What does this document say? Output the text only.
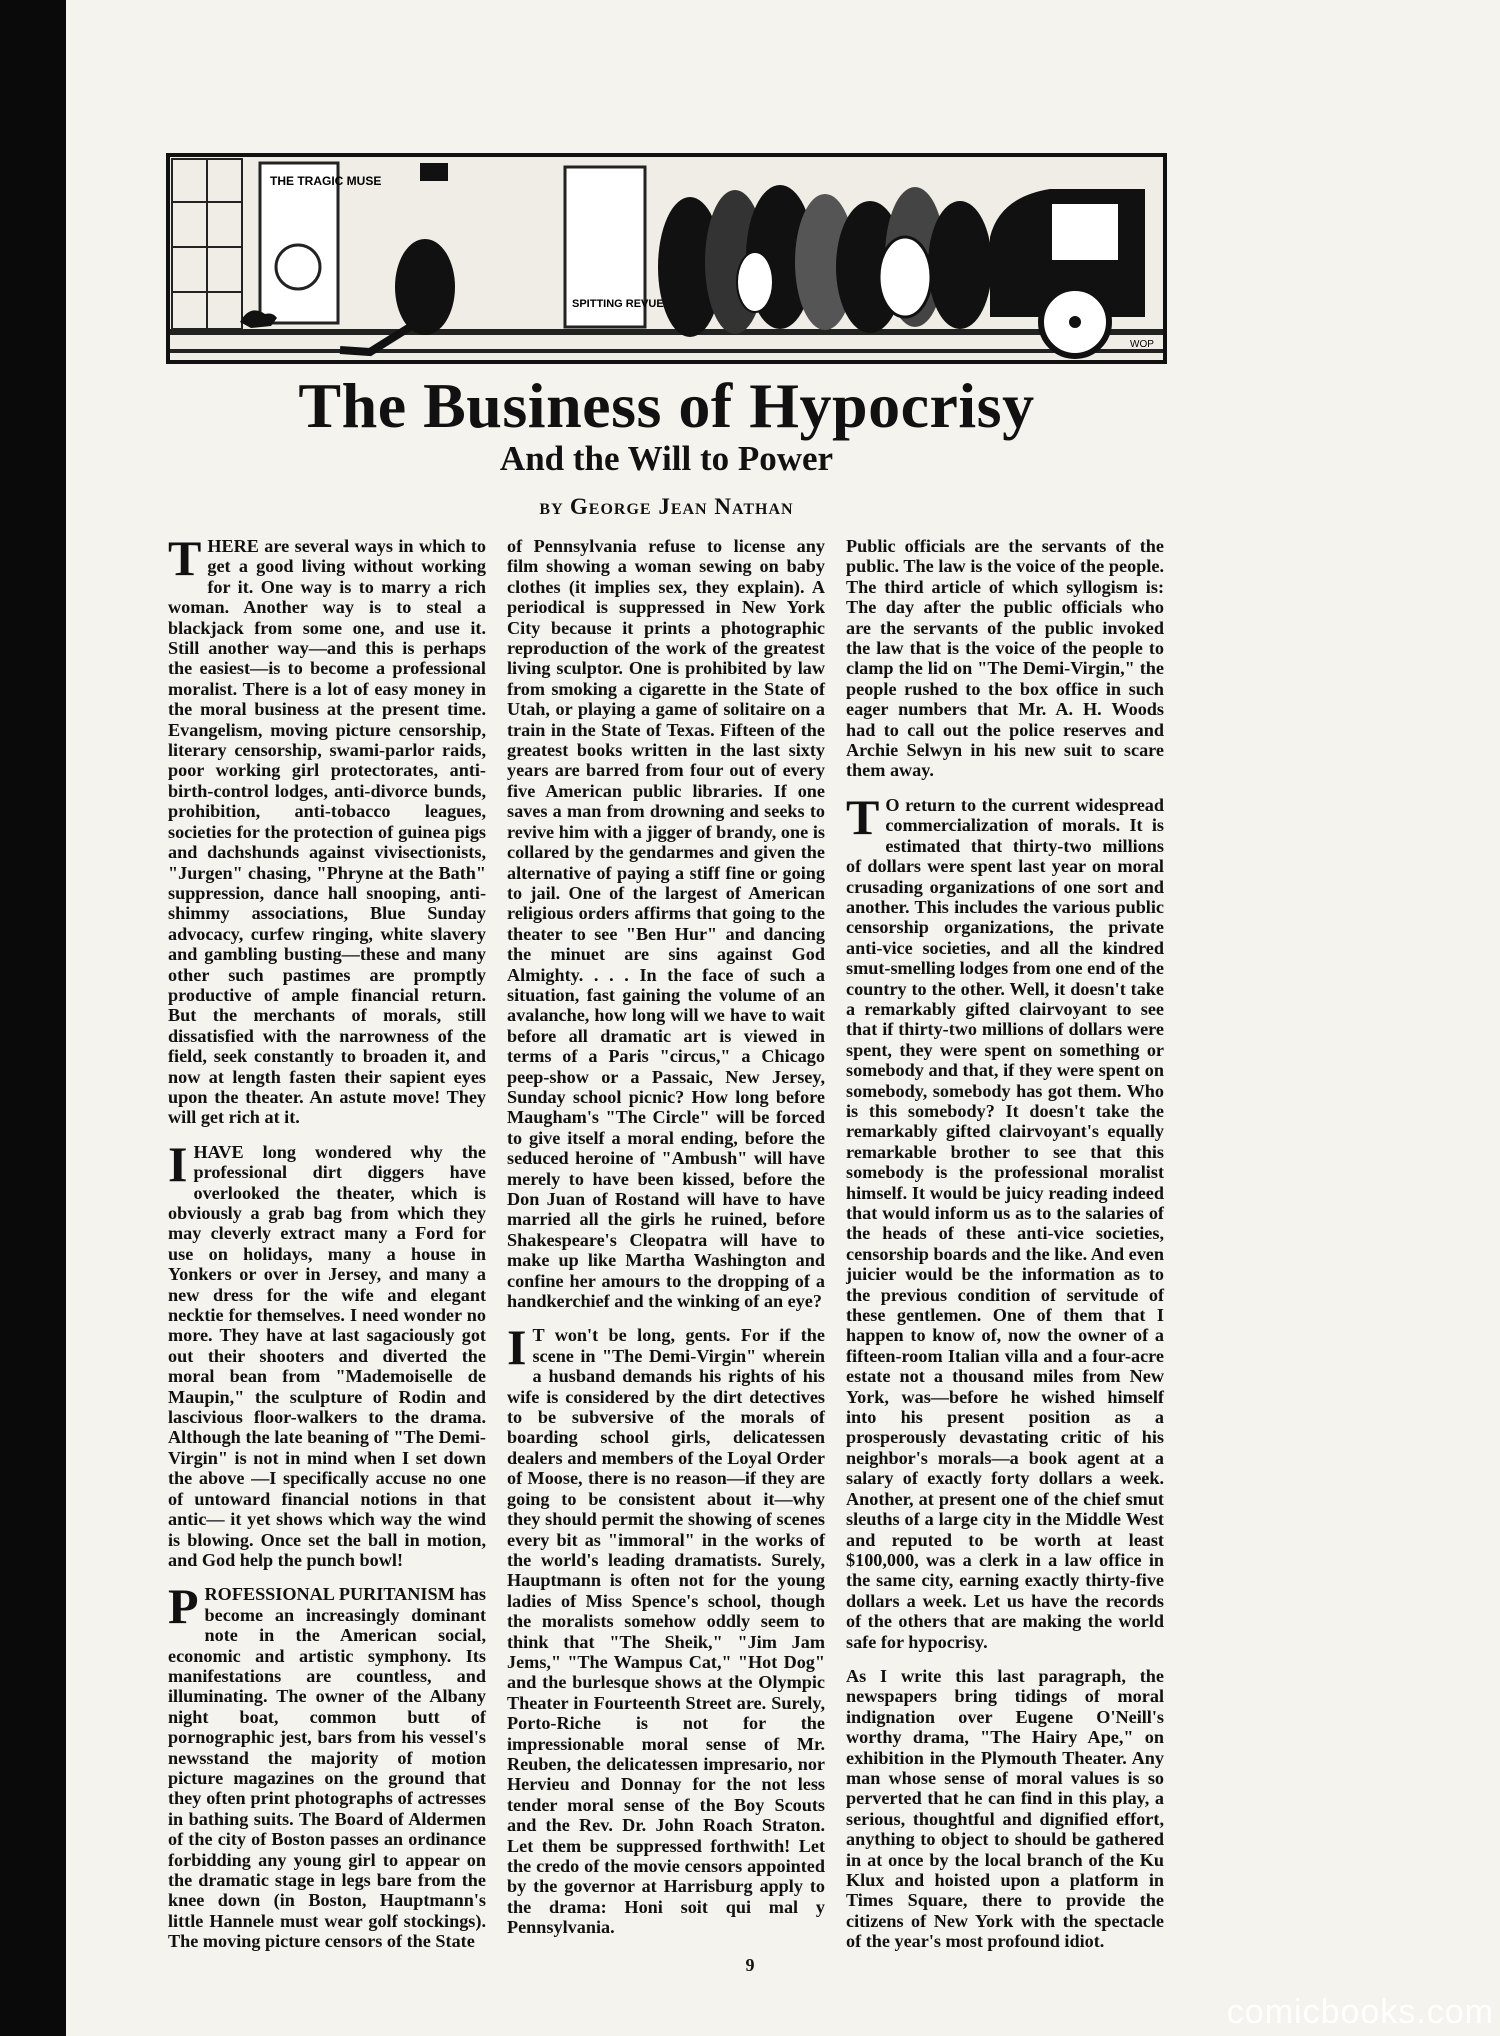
THE TRAGIC MUSE
SPITTING REVUE
WOP
The Business of Hypocrisy
And the Will to Power
BY George Jean Nathan

THERE are several ways in which to get a good living without working for it. One way is to marry a rich woman. Another way is to steal a blackjack from some one, and use it. Still another way—and this is perhaps the easiest—is to become a professional moralist. There is a lot of easy money in the moral business at the present time. Evangelism, moving picture censorship, literary censorship, swami-parlor raids, poor working girl protectorates, anti-birth-control lodges, anti-divorce bunds, prohibition, anti-tobacco leagues, societies for the protection of guinea pigs and dachshunds against vivisectionists, "Jurgen" chasing, "Phryne at the Bath" suppression, dance hall snooping, anti-shimmy associations, Blue Sunday advocacy, curfew ringing, white slavery and gambling busting—these and many other such pastimes are promptly productive of ample financial return. But the merchants of morals, still dissatisfied with the narrowness of the field, seek constantly to broaden it, and now at length fasten their sapient eyes upon the theater. An astute move! They will get rich at it.

IHAVE long wondered why the professional dirt diggers have overlooked the theater, which is obviously a grab bag from which they may cleverly extract many a Ford for use on holidays, many a house in Yonkers or over in Jersey, and many a new dress for the wife and elegant necktie for themselves. I need wonder no more. They have at last sagaciously got out their shooters and diverted the moral bean from "Mademoiselle de Maupin," the sculpture of Rodin and lascivious floor-walkers to the drama. Although the late beaning of "The Demi-Virgin" is not in mind when I set down the above —I specifically accuse no one of untoward financial notions in that antic— it yet shows which way the wind is blowing. Once set the ball in motion, and God help the punch bowl!

PROFESSIONAL PURITANISM has become an increasingly dominant note in the American social, economic and artistic symphony. Its manifestations are countless, and illuminating. The owner of the Albany night boat, common butt of pornographic jest, bars from his vessel's newsstand the majority of motion picture magazines on the ground that they often print photographs of actresses in bathing suits. The Board of Aldermen of the city of Boston passes an ordinance forbidding any young girl to appear on the dramatic stage in legs bare from the knee down (in Boston, Hauptmann's little Hannele must wear golf stockings). The moving picture censors of the State

of Pennsylvania refuse to license any film showing a woman sewing on baby clothes (it implies sex, they explain). A periodical is suppressed in New York City because it prints a photographic reproduction of the work of the greatest living sculptor. One is prohibited by law from smoking a cigarette in the State of Utah, or playing a game of solitaire on a train in the State of Texas. Fifteen of the greatest books written in the last sixty years are barred from four out of every five American public libraries. If one saves a man from drowning and seeks to revive him with a jigger of brandy, one is collared by the gendarmes and given the alternative of paying a stiff fine or going to jail. One of the largest of American religious orders affirms that going to the theater to see "Ben Hur" and dancing the minuet are sins against God Almighty. . . . In the face of such a situation, fast gaining the volume of an avalanche, how long will we have to wait before all dramatic art is viewed in terms of a Paris "circus," a Chicago peep-show or a Passaic, New Jersey, Sunday school picnic? How long before Maugham's "The Circle" will be forced to give itself a moral ending, before the seduced heroine of "Ambush" will have merely to have been kissed, before the Don Juan of Rostand will have to have married all the girls he ruined, before Shakespeare's Cleopatra will have to make up like Martha Washington and confine her amours to the dropping of a handkerchief and the winking of an eye?

I T won't be long, gents. For if the scene in "The Demi-Virgin" wherein a husband demands his rights of his wife is considered by the dirt detectives to be subversive of the morals of boarding school girls, delicatessen dealers and members of the Loyal Order of Moose, there is no reason—if they are going to be consistent about it—why they should permit the showing of scenes every bit as "immoral" in the works of the world's leading dramatists. Surely, Hauptmann is often not for the young ladies of Miss Spence's school, though the moralists somehow oddly seem to think that "The Sheik," "Jim Jam Jems," "The Wampus Cat," "Hot Dog" and the burlesque shows at the Olympic Theater in Fourteenth Street are. Surely, Porto-Riche is not for the impressionable moral sense of Mr. Reuben, the delicatessen impresario, nor Hervieu and Donnay for the not less tender moral sense of the Boy Scouts and the Rev. Dr. John Roach Straton. Let them be suppressed forthwith! Let the credo of the movie censors appointed by the governor at Harrisburg apply to the drama: Honi soit qui mal y Pennsylvania.

Public officials are the servants of the public. The law is the voice of the people. The third article of which syllogism is: The day after the public officials who are the servants of the public invoked the law that is the voice of the people to clamp the lid on "The Demi-Virgin," the people rushed to the box office in such eager numbers that Mr. A. H. Woods had to call out the police reserves and Archie Selwyn in his new suit to scare them away.

T O return to the current widespread commercialization of morals. It is estimated that thirty-two millions of dollars were spent last year on moral crusading organizations of one sort and another. This includes the various public censorship organizations, the private anti-vice societies, and all the kindred smut-smelling lodges from one end of the country to the other. Well, it doesn't take a remarkably gifted clairvoyant to see that if thirty-two millions of dollars were spent, they were spent on something or somebody and that, if they were spent on somebody, somebody has got them. Who is this somebody? It doesn't take the remarkably gifted clairvoyant's equally remarkable brother to see that this somebody is the professional moralist himself. It would be juicy reading indeed that would inform us as to the salaries of the heads of these anti-vice societies, censorship boards and the like. And even juicier would be the information as to the previous condition of servitude of these gentlemen. One of them that I happen to know of, now the owner of a fifteen-room Italian villa and a four-acre estate not a thousand miles from New York, was—before he wished himself into his present position as a prosperously devastating critic of his neighbor's morals—a book agent at a salary of exactly forty dollars a week. Another, at present one of the chief smut sleuths of a large city in the Middle West and reputed to be worth at least $100,000, was a clerk in a law office in the same city, earning exactly thirty-five dollars a week. Let us have the records of the others that are making the world safe for hypocrisy.

As I write this last paragraph, the newspapers bring tidings of moral indignation over Eugene O'Neill's worthy drama, "The Hairy Ape," on exhibition in the Plymouth Theater. Any man whose sense of moral values is so perverted that he can find in this play, a serious, thoughtful and dignified effort, anything to object to should be gathered in at once by the local branch of the Ku Klux and hoisted upon a platform in Times Square, there to provide the citizens of New York with the spectacle of the year's most profound idiot.

9
comicbooks.com
